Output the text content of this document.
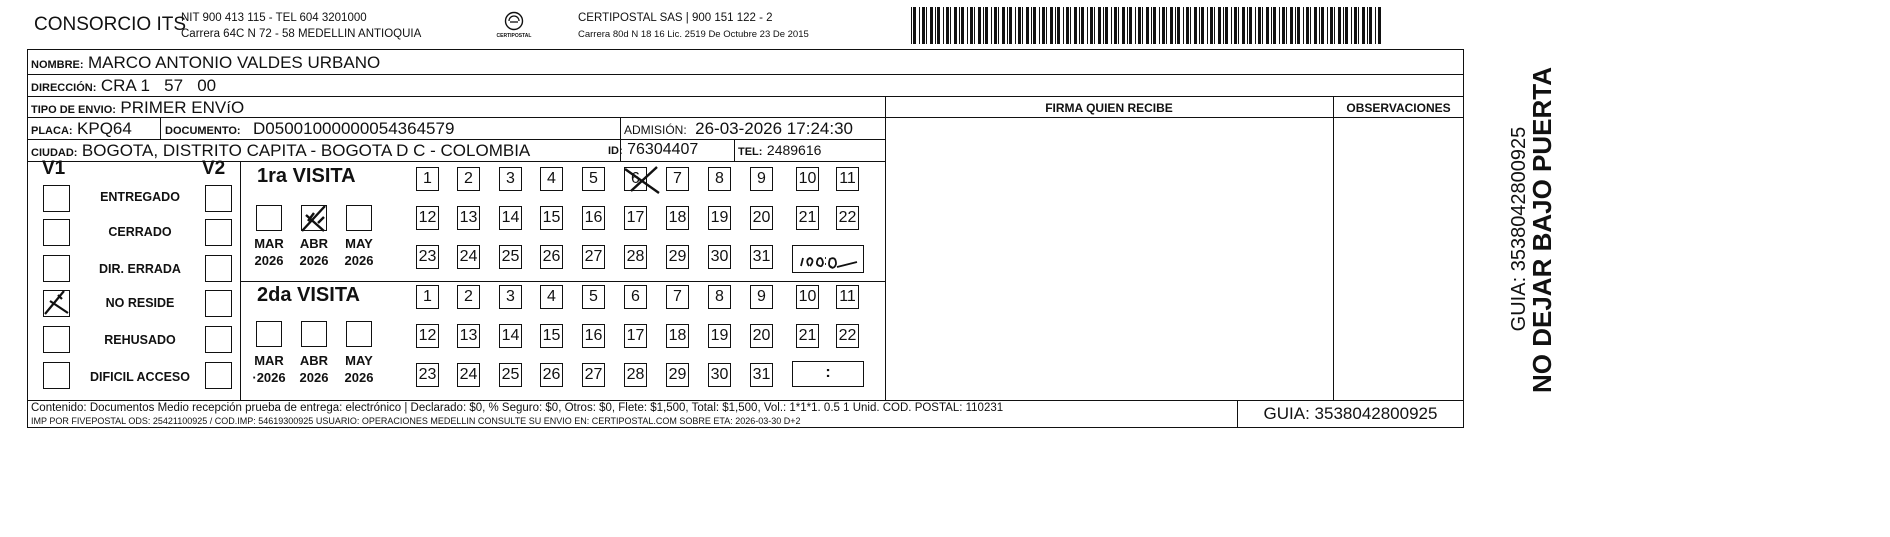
CONSORCIO ITS
NIT 900 413 115 - TEL 604 3201000
Carrera 64C N 72 - 58 MEDELLIN ANTIOQUIA	CERTIPOSTAL
CERTIPOSTAL SAS | 900 151 122 - 2
Carrera 80d N 18 16 Lic. 2519 De Octubre 23 De 2015
NOMBRE: MARCO ANTONIO VALDES URBANO
DIRECCIÓN: CRA 1   57   00
TIPO DE ENVIO: PRIMER ENVíO	FIRMA QUIEN RECIBE	OBSERVACIONES
PLACA: KPQ64	DOCUMENTO: D05001000000054364579	ADMISIÓN: 26-03-2026 17:24:30
CIUDAD: BOGOTA, DISTRITO CAPITA - BOGOTA D C - COLOMBIA	ID: 76304407	TEL: 2489616
V1	V2
ENTREGADO
CERRADO
DIR. ERRADA
NO RESIDE
REHUSADO
DIFICIL ACCESO
1ra VISITA
MAR	ABR	MAY
2026	2026	2026
1	2	3	4	5	6	7	8	9	10 11
12 13 14 15 16 17 18 19 20 21 22
23 24 25 26 27 28 29 30 31
2da VISITA
MAR	ABR	MAY
·2026	2026	2026
1	2	3	4	5	6	7	8	9	10 11
12 13 14 15 16 17 18 19 20 21 22
23 24 25 26 27 28 29 30 31	:
Contenido: Documentos Medio recepción prueba de entrega: electrónico | Declarado: $0, % Seguro: $0, Otros: $0, Flete: $1,500, Total: $1,500, Vol.: 1*1*1. 0.5 1 Unid. COD. POSTAL: 110231
IMP POR FIVEPOSTAL ODS: 25421100925 / COD.IMP: 54619300925 USUARIO: OPERACIONES MEDELLIN CONSULTE SU ENVIO EN: CERTIPOSTAL.COM SOBRE ETA: 2026-03-30 D+2	GUIA: 3538042800925
NO DEJAR BAJO PUERTA
GUIA: 3538042800925
